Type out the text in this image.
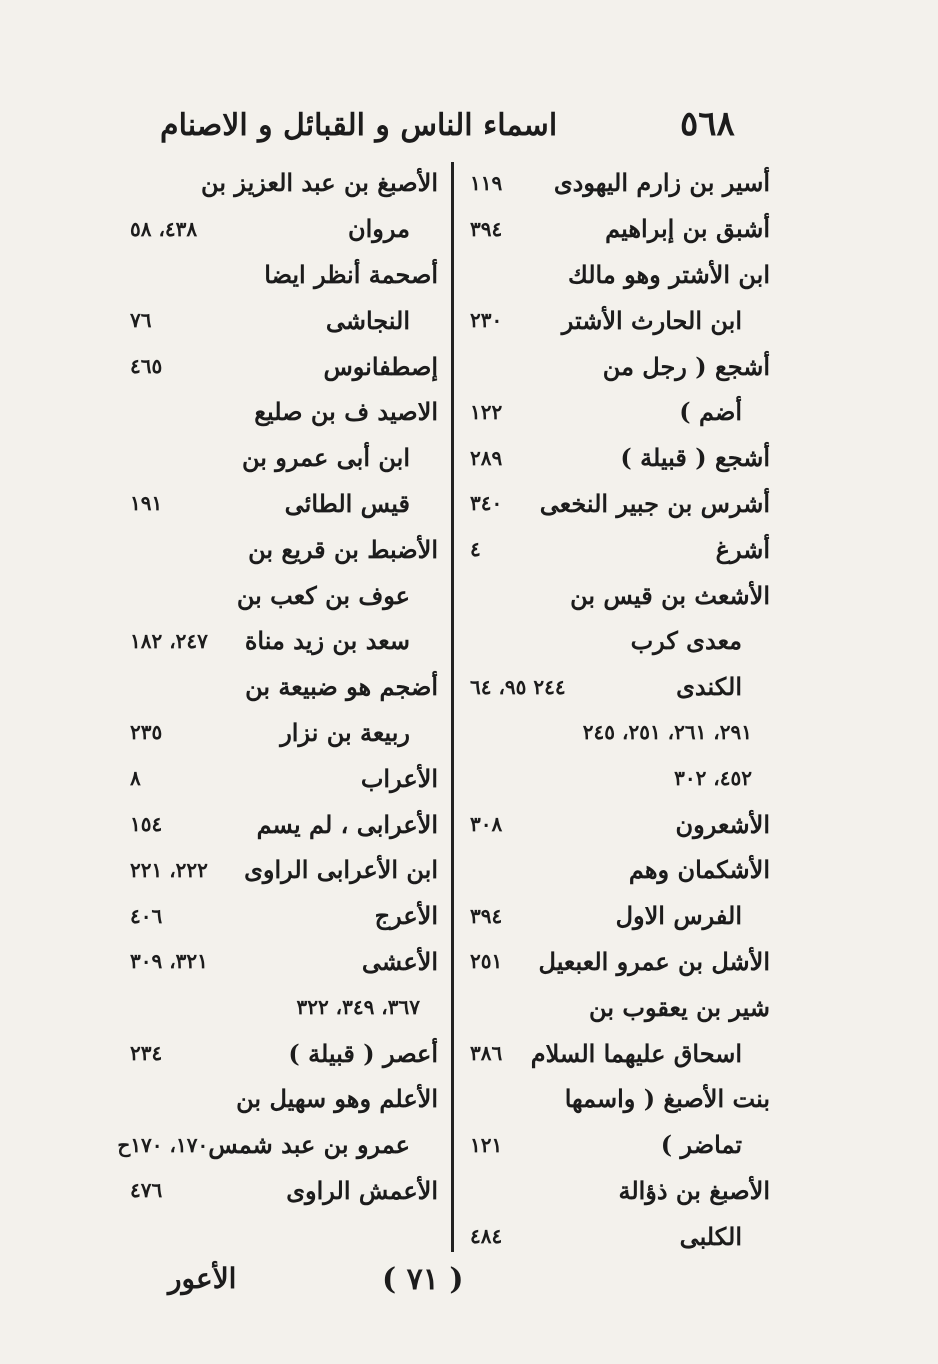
٥٦٨
اسماء الناس و القبائل و الاصنام
أسير بن زارم اليهودى
١١٩
أشبق بن إبراهيم
٣٩٤
ابن الأشتر وهو مالك
ابن الحارث الأشتر
٢٣٠
أشجع ( رجل من
أضم )
١٢٢
أشجع ( قبيلة )
٢٨٩
أشرس بن جبير النخعى
٣٤٠
أشرغ
٤
الأشعث بن قيس بن
معدى كرب
الكندى
٢٤٤ ٩٥، ٦٤
٢٩١، ٢٦١، ٢٥١، ٢٤٥
٤٥٢، ٣٠٢
الأشعرون
٣٠٨
الأشكمان وهم
الفرس الاول
٣٩٤
الأشل بن عمرو العبعيل
٢٥١
شير بن يعقوب بن
اسحاق عليهما السلام
٣٨٦
بنت الأصبغ ( واسمها
تماضر )
١٢١
الأصبغ بن ذؤالة
الكلبى
٤٨٤
الأصبغ بن عبد العزيز بن
مروان
٤٣٨، ٥٨
أصحمة أنظر ايضا
النجاشى
٧٦
إصطفانوس
٤٦٥
الاصيد ف بن صليع
ابن أبى عمرو بن
قيس الطائى
١٩١
الأضبط بن قريع بن
عوف بن كعب بن
سعد بن زيد مناة
٢٤٧، ١٨٢
أضجم هو ضبيعة بن
ربيعة بن نزار
٢٣٥
الأعراب
٨
الأعرابى ، لم يسم
١٥٤
ابن الأعرابى الراوى
٢٢٢، ٢٢١
الأعرج
٤٠٦
الأعشى
٣٢١، ٣٠٩
٣٦٧، ٣٤٩، ٣٢٢
أعصر ( قبيلة )
٢٣٤
الأعلم وهو سهيل بن
عمرو بن عبد شمس
١٧٠، ١٧٠ح
الأعمش الراوى
٤٧٦
( ٧١ )
الأعور
